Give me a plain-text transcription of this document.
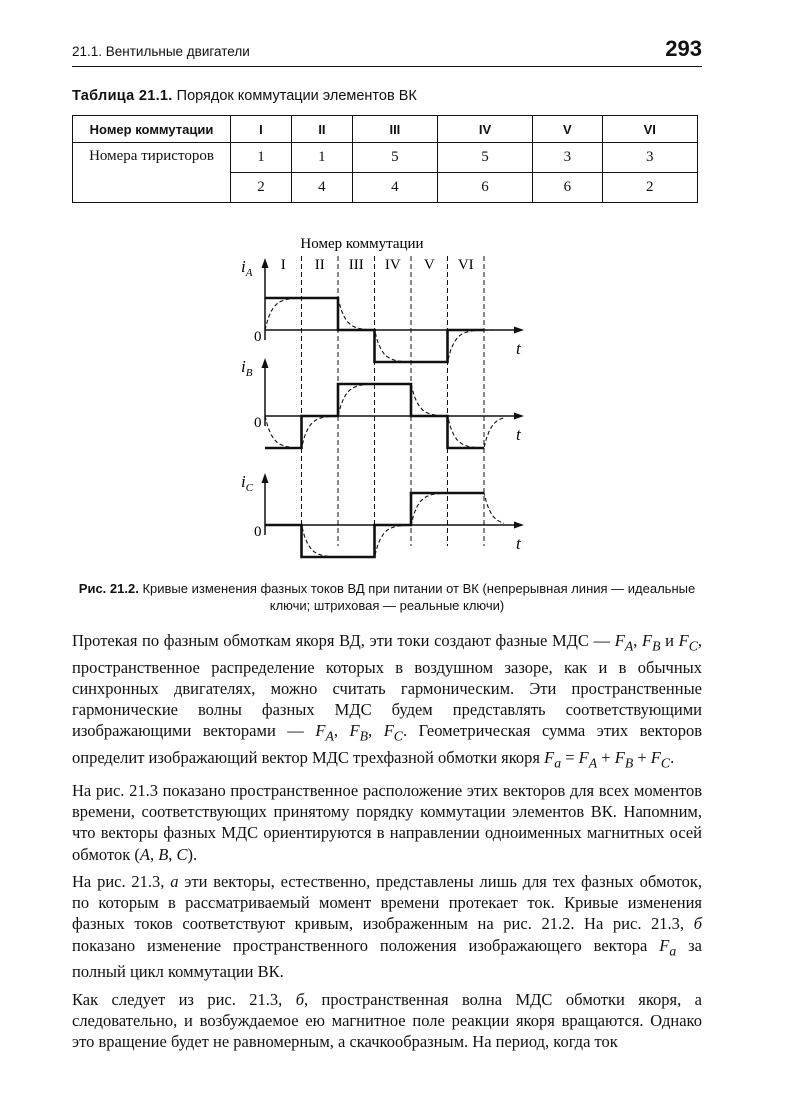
21.1. Вентильные двигатели	293
Таблица 21.1. Порядок коммутации элементов ВК
Номер коммутации	I	II	III	IV	V	VI
Номера тиристоров	1	1	5	5	3	3
	2	4	4	6	6	2
Номер коммутации
I II III IV V VI
$i_A$
0
t
$i_B$
0
t
$i_C$
0
t
Рис. 21.2. Кривые изменения фазных токов ВД при питании от ВК (непрерывная линия — идеальные ключи; штриховая — реальные ключи)

Протекая по фазным обмоткам якоря ВД, эти токи создают фазные МДС — $F_A$, $F_B$ и $F_C$, пространственное распределение которых в воздушном зазоре, как и в обычных синхронных двигателях, можно считать гармоническим. Эти пространственные гармонические волны фазных МДС будем представлять соответствующими изображающими векторами — $F_A$, $F_B$, $F_C$. Геометрическая сумма этих векторов определит изображающий вектор МДС трехфазной обмотки якоря $F_a = F_A + F_B + F_C$.

На рис. 21.3 показано пространственное расположение этих векторов для всех моментов времени, соответствующих принятому порядку коммутации элементов ВК. Напомним, что векторы фазных МДС ориентируются в направлении одноименных магнитных осей обмоток (A, B, C).

На рис. 21.3, а эти векторы, естественно, представлены лишь для тех фазных обмоток, по которым в рассматриваемый момент времени протекает ток. Кривые изменения фазных токов соответствуют кривым, изображенным на рис. 21.2. На рис. 21.3, б показано изменение пространственного положения изображающего вектора $F_a$ за полный цикл коммутации ВК.

Как следует из рис. 21.3, б, пространственная волна МДС обмотки якоря, а следовательно, и возбуждаемое ею магнитное поле реакции якоря вращаются. Однако это вращение будет не равномерным, а скачкообразным. На период, когда ток
